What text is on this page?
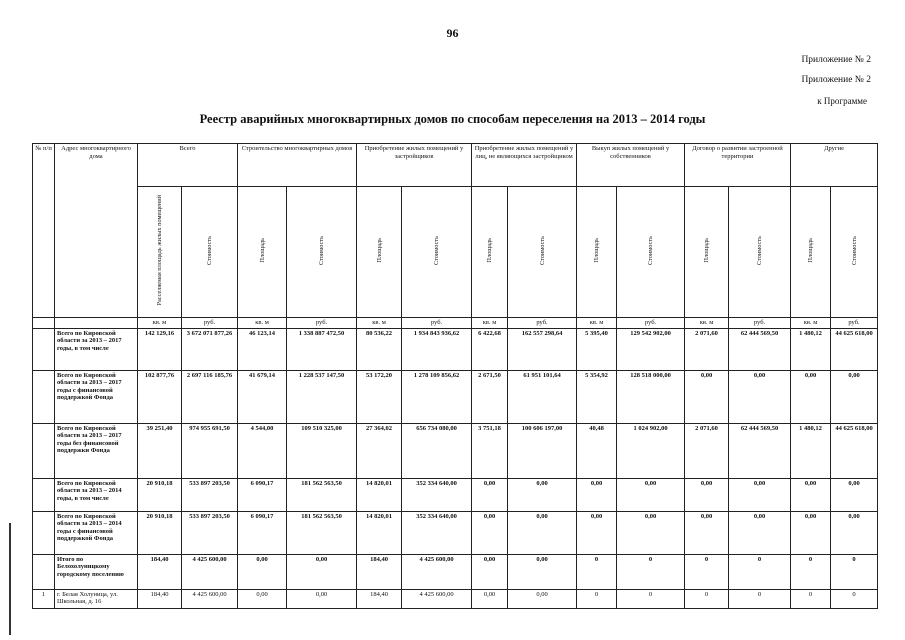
96
Приложение № 2
Приложение № 2
к Программе
Реестр аварийных многоквартирных домов по способам переселения на 2013 – 2014 годы
№ п/п	Адрес многоквартирного дома	Всего		Строительство многоквартирных домов		Приобретение жилых помещений у застройщиков		Приобретение жилых помещений у лиц, не являющихся застройщиком		Выкуп жилых помещений у собственников		Договор о развитии застроенной территории		Другие	
		Расселяемая площадь жилых помещений	Стоимость	Площадь	Стоимость	Площадь	Стоимость	Площадь	Стоимость	Площадь	Стоимость	Площадь	Стоимость	Площадь	Стоимость
		кв. м	руб.	кв. м	руб.	кв. м	руб.	кв. м	руб.	кв. м	руб.	кв. м	руб.	кв. м	руб.
	Всего по Кировской области за 2013 – 2017 годы, в том числе	142 129,16	3 672 071 877,26	46 123,14	1 338 887 472,50	80 536,22	1 934 843 936,62	6 422,68	162 557 298,64	5 395,40	129 542 902,00	2 071,60	62 444 569,50	1 480,12	44 625 618,00
	Всего по Кировской области за 2013 – 2017 годы с финансовой поддержкой Фонда	102 877,76	2 697 116 185,76	41 679,14	1 228 537 147,50	53 172,20	1 278 109 856,62	2 671,50	61 951 101,64	5 354,92	128 518 000,00	0,00	0,00	0,00	0,00
	Всего по Кировской области за 2013 – 2017 годы без финансовой поддержки Фонда	39 251,40	974 955 691,50	4 544,00	109 510 325,00	27 364,02	656 734 080,00	3 751,18	100 606 197,00	40,48	1 024 902,00	2 071,60	62 444 569,50	1 480,12	44 625 618,00
	Всего по Кировской области за 2013 – 2014 годы, в том числе	20 910,18	533 897 203,50	6 090,17	181 562 563,50	14 820,01	352 334 640,00	0,00	0,00	0,00	0,00	0,00	0,00	0,00	0,00
	Всего по Кировской области за 2013 – 2014 годы с финансовой поддержкой Фонда	20 910,18	533 897 203,50	6 090,17	181 562 563,50	14 820,01	352 334 640,00	0,00	0,00	0,00	0,00	0,00	0,00	0,00	0,00
	Итого по Белохолуницкому городскому поселению	184,40	4 425 600,00	0,00	0,00	184,40	4 425 600,00	0,00	0,00	0	0	0	0	0	0
1	г. Белая Холуница, ул. Школьная, д. 16	184,40	4 425 600,00	0,00	0,00	184,40	4 425 600,00	0,00	0,00	0	0	0	0	0	0
